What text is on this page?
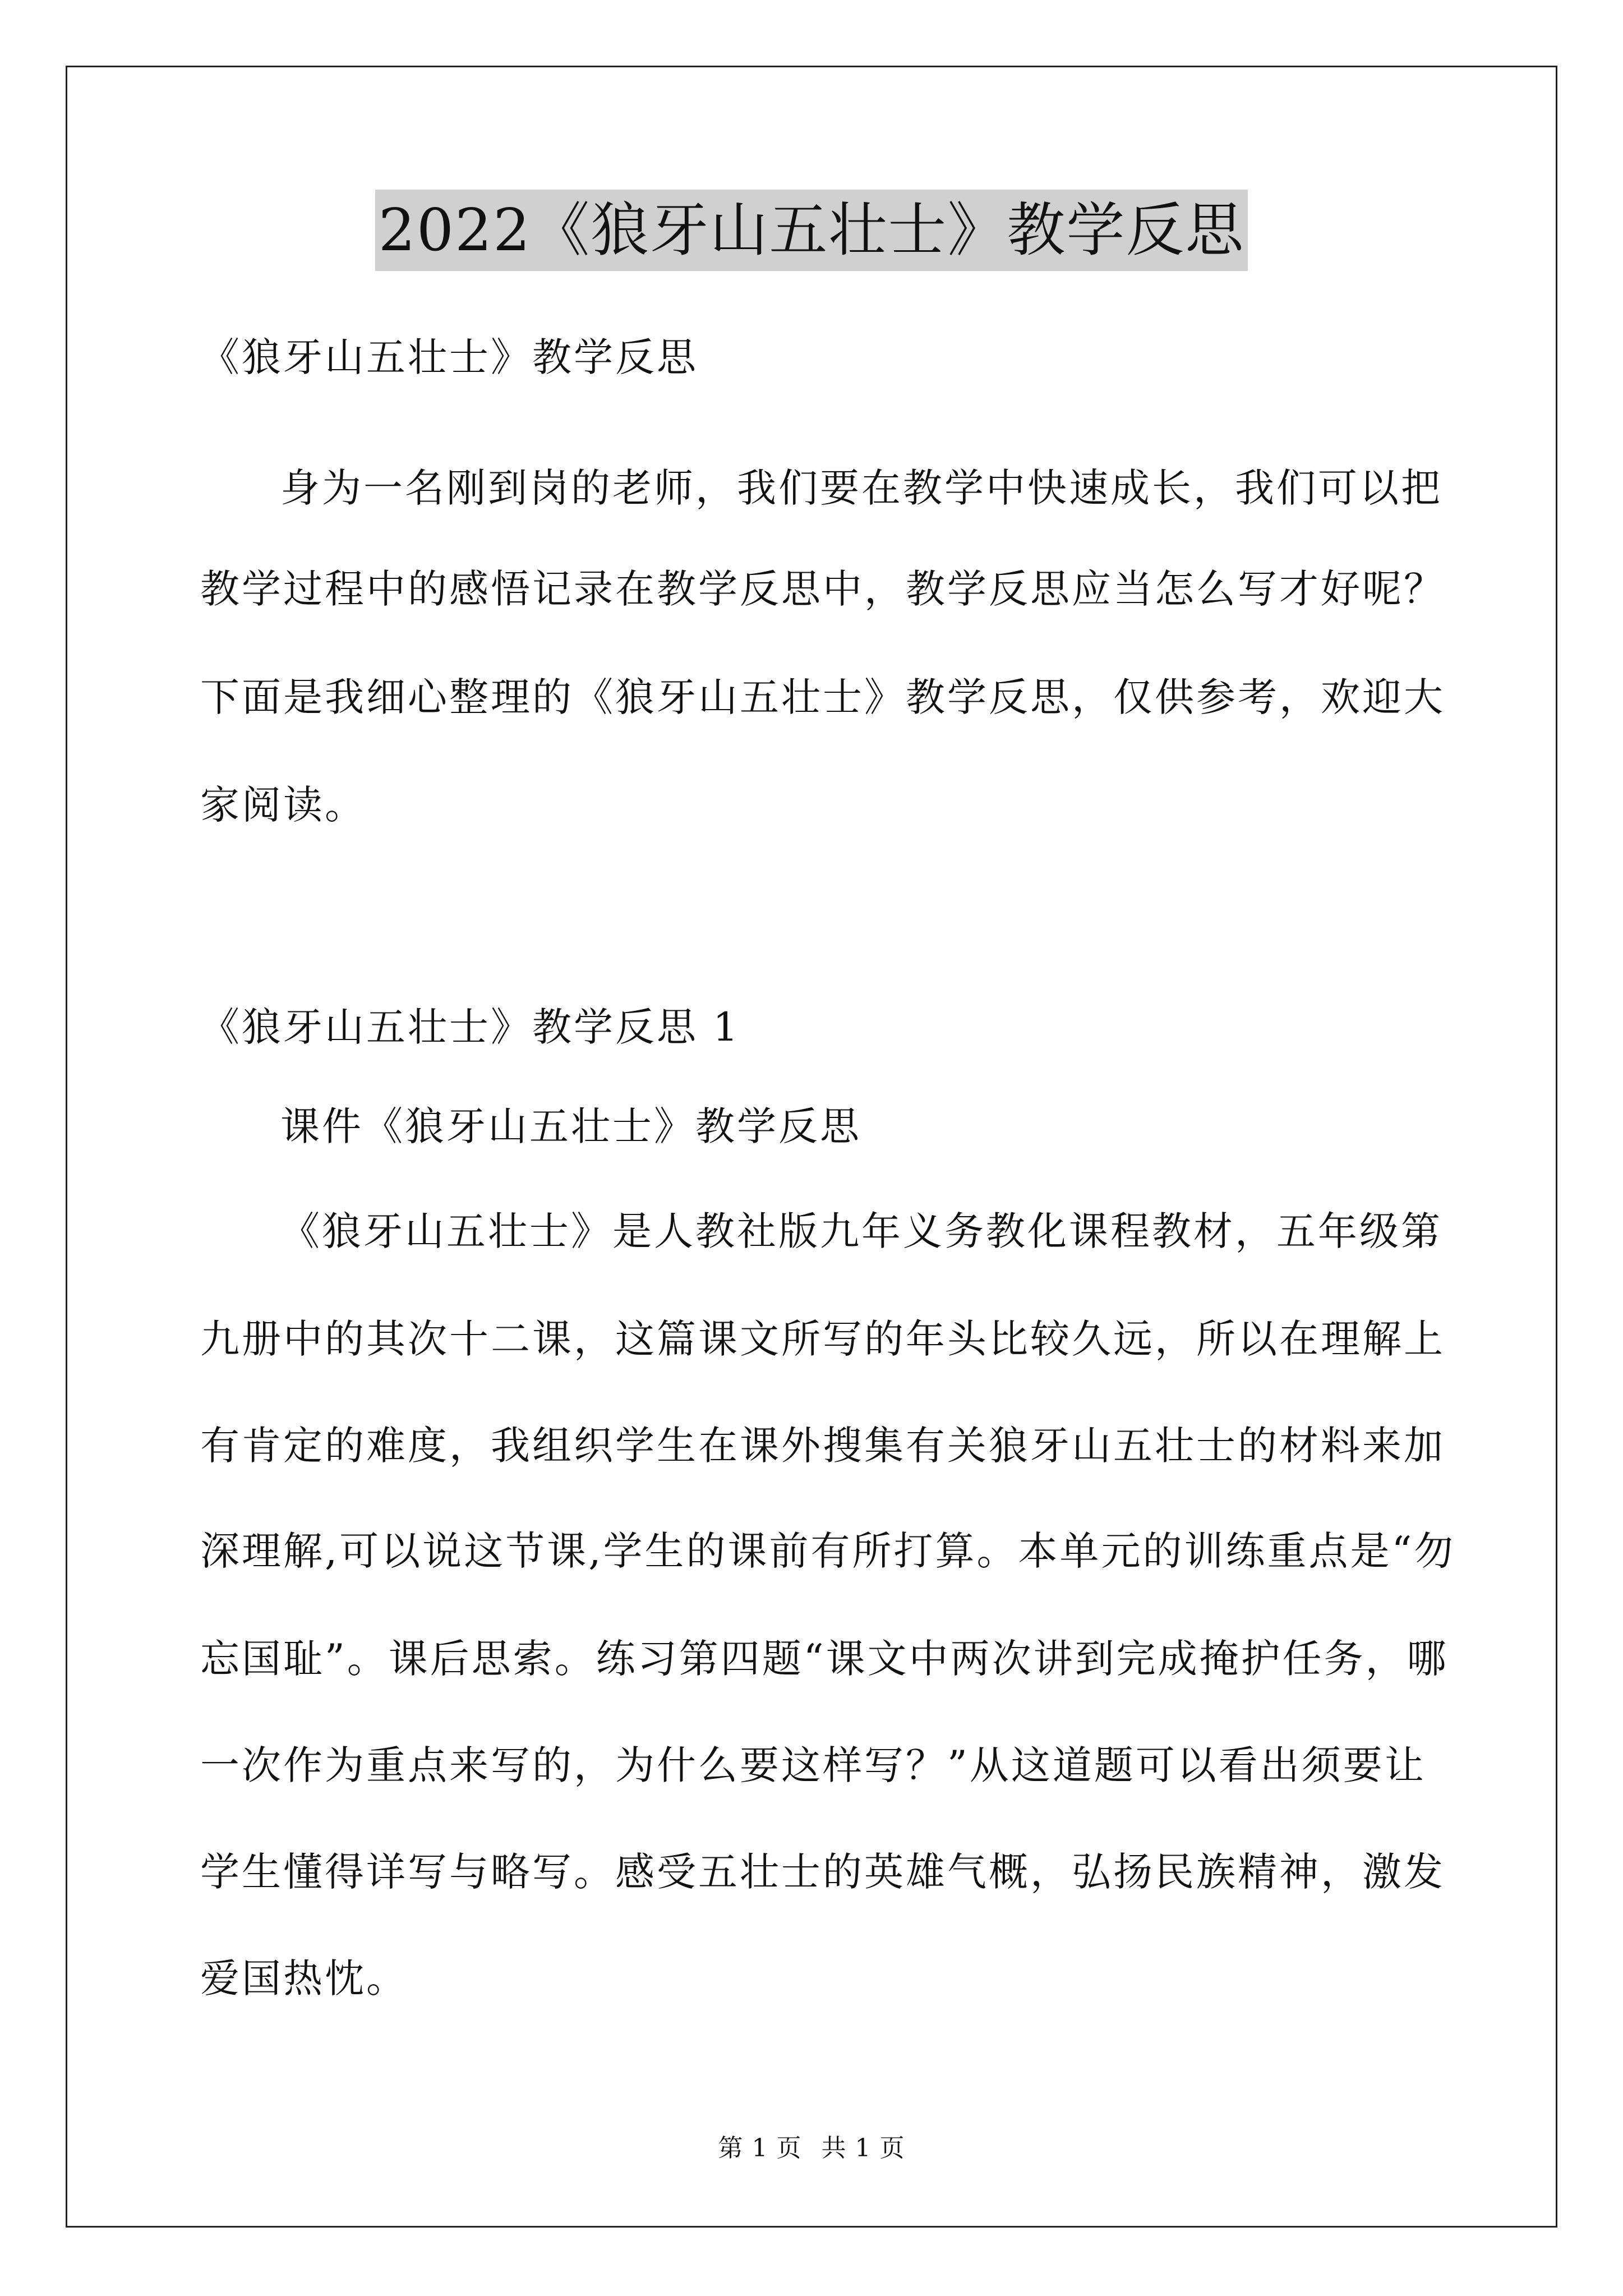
2022《狼牙山五壮士》教学反思
《狼牙山五壮士》教学反思
身为一名刚到岗的老师，我们要在教学中快速成长，我们可以把
教学过程中的感悟记录在教学反思中，教学反思应当怎么写才好呢？
下面是我细心整理的《狼牙山五壮士》教学反思，仅供参考，欢迎大
家阅读。
《狼牙山五壮士》教学反思 1
课件《狼牙山五壮士》教学反思
《狼牙山五壮士》是人教社版九年义务教化课程教材，五年级第
九册中的其次十二课，这篇课文所写的年头比较久远，所以在理解上
有肯定的难度，我组织学生在课外搜集有关狼牙山五壮士的材料来加
深理解,可以说这节课,学生的课前有所打算。本单元的训练重点是“勿
忘国耻”。课后思索。练习第四题“课文中两次讲到完成掩护任务，哪
一次作为重点来写的，为什么要这样写？”从这道题可以看出须要让
学生懂得详写与略写。感受五壮士的英雄气概，弘扬民族精神，激发
爱国热忱。
第 1 页 共 1 页
